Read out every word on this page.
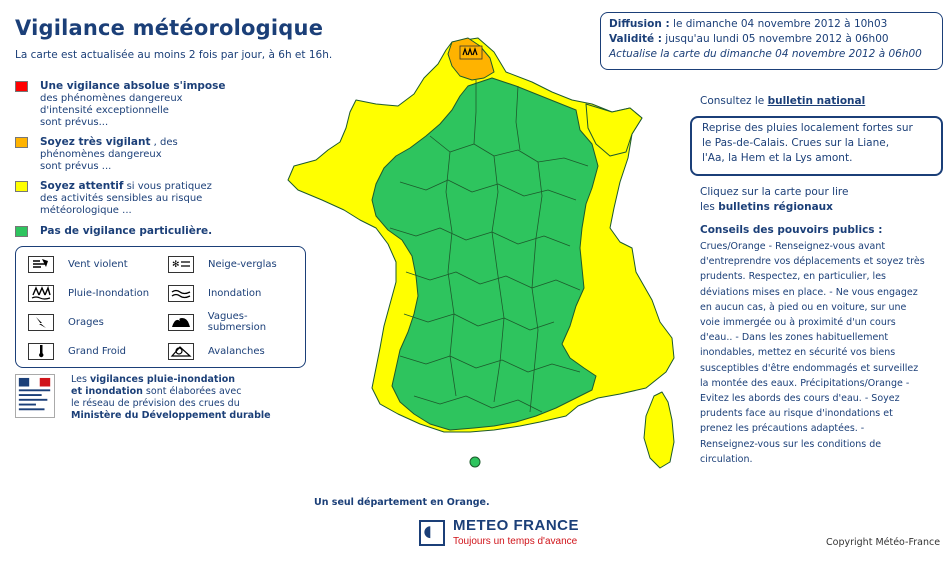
Vigilance météorologique
La carte est actualisée au moins 2 fois par jour, à 6h et 16h.
Une vigilance absolue s'impose
des phénomènes dangereux
d'intensité exceptionnelle
sont prévus...
Soyez très vigilant , des
phénomènes dangereux
sont prévus ...
Soyez attentif si vous pratiquez
des activités sensibles au risque
météorologique ...
Pas de vigilance particulière.
Vent violent	✻	Neige-verglas
Pluie-Inondation	Inondation
Orages	Vagues-submersion
Grand Froid	Avalanches
Les vigilances pluie-inondation
et inondation sont élaborées avec
le réseau de prévision des crues du
Ministère du Développement durable
Un seul département en Orange.
METEO FRANCE
Toujours un temps d'avance	Copyright Météo-France
Diffusion : le dimanche 04 novembre 2012 à 10h03
Validité : jusqu'au lundi 05 novembre 2012 à 06h00
Actualise la carte du dimanche 04 novembre 2012 à 06h00
Consultez le bulletin national
Reprise des pluies localement fortes sur
le Pas-de-Calais. Crues sur la Liane,
l'Aa, la Hem et la Lys amont.
Cliquez sur la carte pour lire
les bulletins régionaux
Conseils des pouvoirs publics :
Crues/Orange - Renseignez-vous avant
d'entreprendre vos déplacements et soyez très
prudents. Respectez, en particulier, les
déviations mises en place. - Ne vous engagez
en aucun cas, à pied ou en voiture, sur une
voie immergée ou à proximité d'un cours
d'eau.. - Dans les zones habituellement
inondables, mettez en sécurité vos biens
susceptibles d'être endommagés et surveillez
la montée des eaux. Précipitations/Orange -
Evitez les abords des cours d'eau. - Soyez
prudents face au risque d'inondations et
prenez les précautions adaptées. -
Renseignez-vous sur les conditions de
circulation.
